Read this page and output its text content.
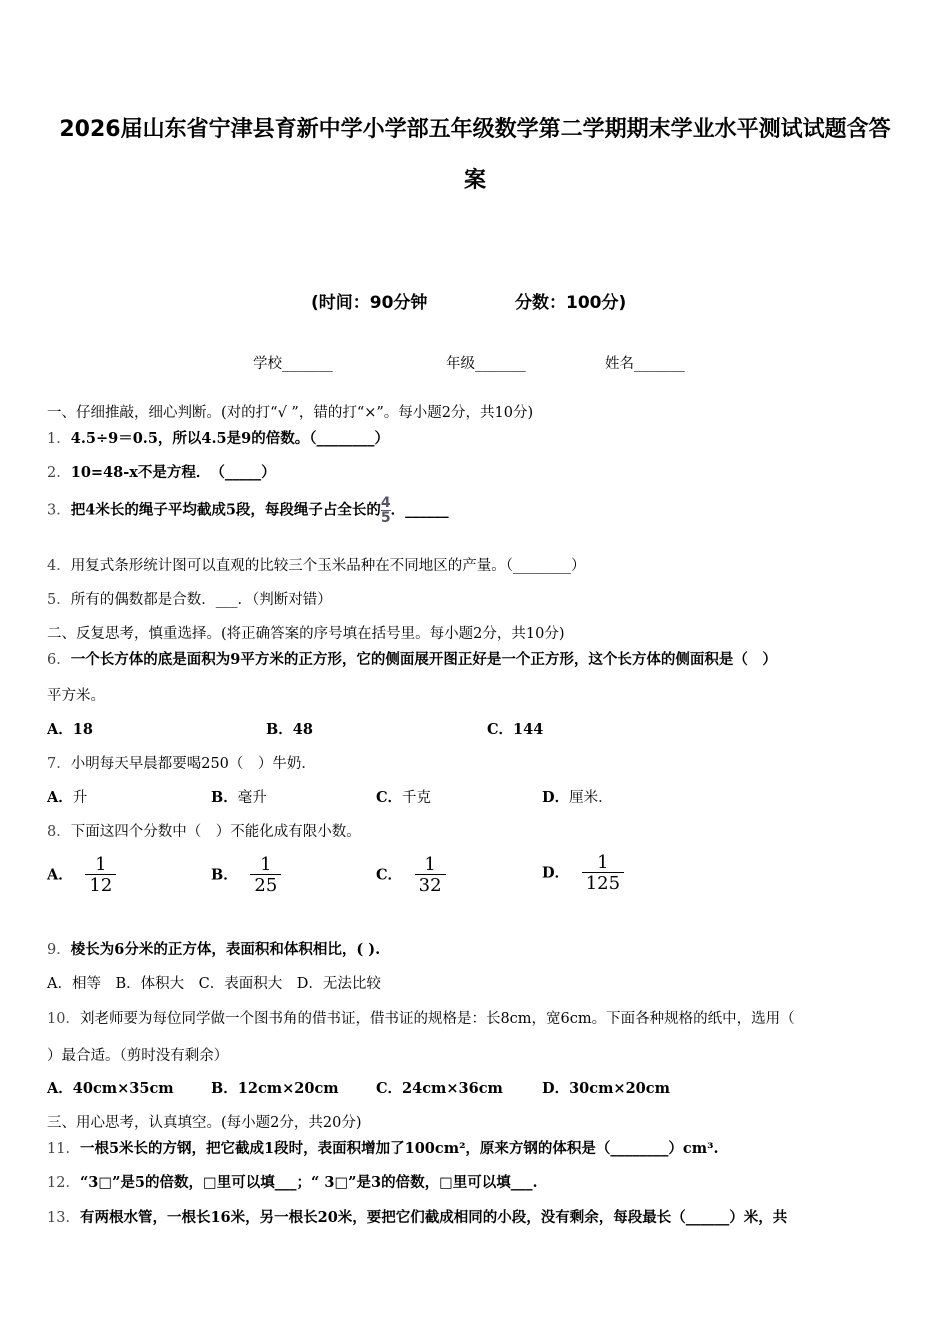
2026届山东省宁津县育新中学小学部五年级数学第二学期期末学业水平测试试题含答
案
(时间：90分钟	分数：100分)
学校_______	年级_______	姓名_______
一、仔细推敲，细心判断。(对的打“√ ”，错的打“×”。每小题2分，共10分)
1．4.5÷9＝0.5，所以4.5是9的倍数。（________）
2．10=48-x不是方程．　（_____）
3．把4米长的绳子平均截成5段，每段绳子占全长的 $\frac{4}{5}$ ．______
4．用复式条形统计图可以直观的比较三个玉米品种在不同地区的产量。（________）
5．所有的偶数都是合数．___．（判断对错）
二、反复思考，慎重选择。(将正确答案的序号填在括号里。每小题2分，共10分)
6．一个长方体的底是面积为9平方米的正方形，它的侧面展开图正好是一个正方形，这个长方体的侧面积是（　）
平方米。
A．18	B．48	C．144
7．小明每天早晨都要喝250（　）牛奶．
A．升	B．毫升	C．千克	D．厘米．
8．下面这四个分数中（　）不能化成有限小数。
A． $\frac{1}{12}$	B． $\frac{1}{25}$	C． $\frac{1}{32}$	D． $\frac{1}{125}$
9．棱长为6分米的正方体，表面积和体积相比，( ).
A．相等　B．体积大　C．表面积大　D．无法比较
10．刘老师要为每位同学做一个图书角的借书证，借书证的规格是：长8cm，宽6cm。下面各种规格的纸中，选用（
）最合适。（剪时没有剩余）
A．40cm×35cm	B．12cm×20cm	C．24cm×36cm	D．30cm×20cm
三、用心思考，认真填空。(每小题2分，共20分)
11．一根5米长的方钢，把它截成1段时，表面积增加了100cm²，原来方钢的体积是（________）cm³.
12．“3□”是5的倍数，□里可以填___；“ 3□”是3的倍数，□里可以填___.
13．有两根水管，一根长16米，另一根长20米，要把它们截成相同的小段，没有剩余，每段最长（______）米，共
